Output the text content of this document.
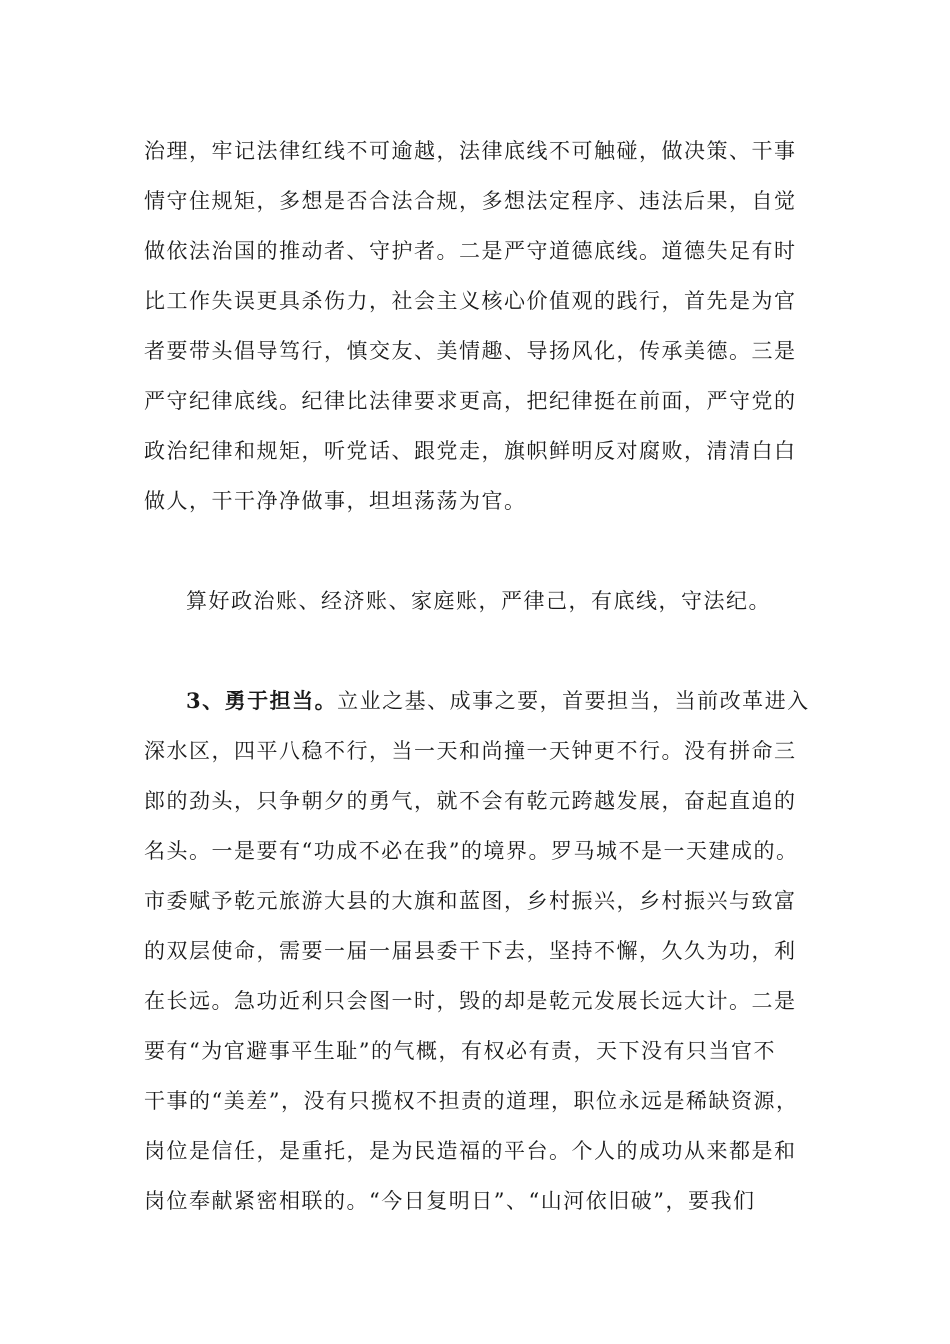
治理，牢记法律红线不可逾越，法律底线不可触碰，做决策、干事
情守住规矩，多想是否合法合规，多想法定程序、违法后果，自觉
做依法治国的推动者、守护者。二是严守道德底线。道德失足有时
比工作失误更具杀伤力，社会主义核心价值观的践行，首先是为官
者要带头倡导笃行，慎交友、美情趣、导扬风化，传承美德。三是
严守纪律底线。纪律比法律要求更高，把纪律挺在前面，严守党的
政治纪律和规矩，听党话、跟党走，旗帜鲜明反对腐败，清清白白
做人，干干净净做事，坦坦荡荡为官。
算好政治账、经济账、家庭账，严律己，有底线，守法纪。
3、勇于担当。立业之基、成事之要，首要担当，当前改革进入
深水区，四平八稳不行，当一天和尚撞一天钟更不行。没有拼命三
郎的劲头，只争朝夕的勇气，就不会有乾元跨越发展，奋起直追的
名头。一是要有“功成不必在我”的境界。罗马城不是一天建成的。
市委赋予乾元旅游大县的大旗和蓝图，乡村振兴，乡村振兴与致富
的双层使命，需要一届一届县委干下去，坚持不懈，久久为功，利
在长远。急功近利只会图一时，毁的却是乾元发展长远大计。二是
要有“为官避事平生耻”的气概，有权必有责，天下没有只当官不
干事的“美差”，没有只揽权不担责的道理，职位永远是稀缺资源，
岗位是信任，是重托，是为民造福的平台。个人的成功从来都是和
岗位奉献紧密相联的。“今日复明日”、“山河依旧破”，要我们
